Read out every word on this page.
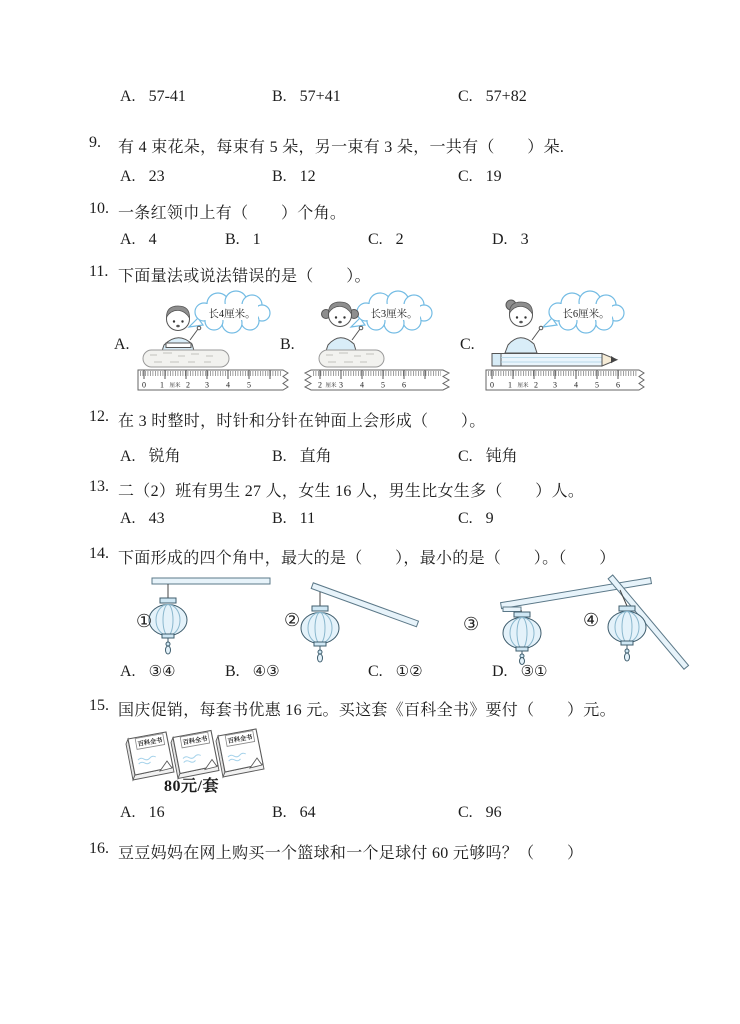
A. 57-41	B. 57+41	C. 57+82
9. 有 4 束花朵，每束有 5 朵，另一束有 3 朵，一共有（　　）朵.
A. 23	B. 12	C. 19
10. 一条红领巾上有（　　）个角。
A. 4	B. 1	C. 2	D. 3
11. 下面量法或说法错误的是（　　）。
A.
长4厘米。
0 1 厘米 2 3 4 5
B.
长3厘米。
2 厘米 3 4 5 6
C.
长6厘米。
0 1 厘米 2 3 4 5 6
12. 在 3 时整时，时针和分针在钟面上会形成（　　）。
A. 锐角	B. 直角	C. 钝角
13. 二（2）班有男生 27 人，女生 16 人，男生比女生多（　　）人。
A. 43	B. 11	C. 9
14. 下面形成的四个角中，最大的是（　　），最小的是（　　）。（　　）
①	②	③	④
A. ③④	B. ④③	C. ①②	D. ③①
15. 国庆促销，每套书优惠 16 元。买这套《百科全书》要付（　　）元。
百科全书	百科全书	百科全书
80元/套
A. 16	B. 64	C. 96
16. 豆豆妈妈在网上购买一个篮球和一个足球付 60 元够吗？（　　）
